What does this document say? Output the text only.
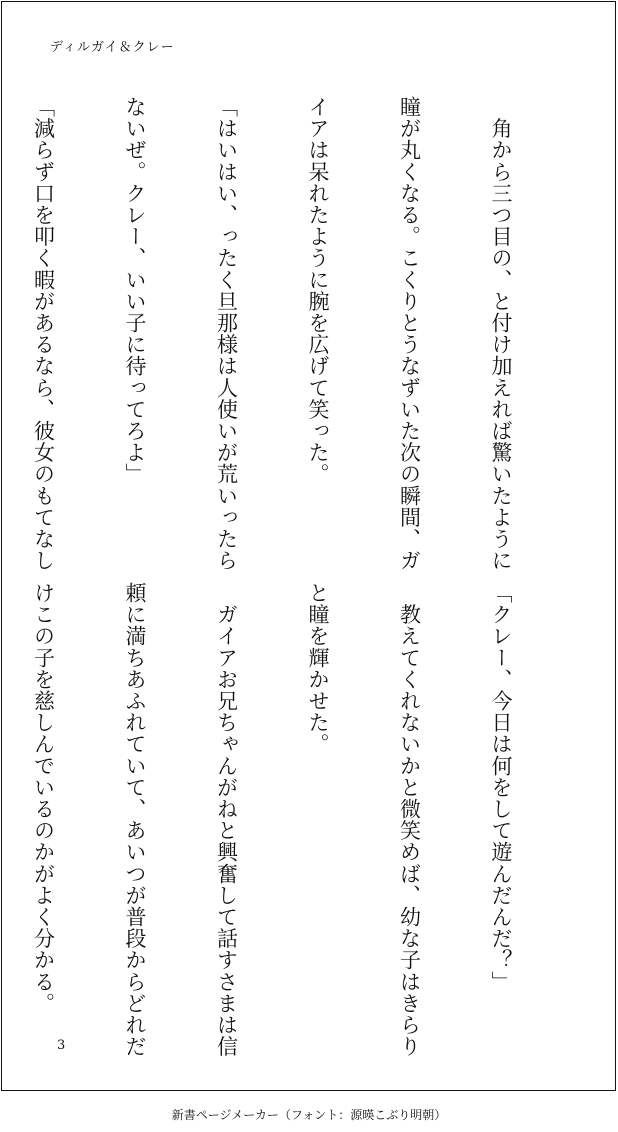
ディルガイ＆クレー

　角から三つ目の、と付け加えれば驚いたように

瞳が丸くなる。こくりとうなずいた次の瞬間、ガ

イアは呆れたように腕を広げて笑った。

「はいはい、ったく旦那様は人使いが荒いったら

ないぜ。クレー、いい子に待ってろよ」

「減らず口を叩く暇があるなら、彼女のもてなし

「クレー、今日は何をして遊んだんだ？」

　教えてくれないかと微笑めば、幼な子はきらり

と瞳を輝かせた。

　ガイアお兄ちゃんがねと興奮して話すさまは信

頼に満ちあふれていて、あいつが普段からどれだ

けこの子を慈しんでいるのかがよく分かる。

3
新書ページメーカー（フォント：源暎こぶり明朝）
